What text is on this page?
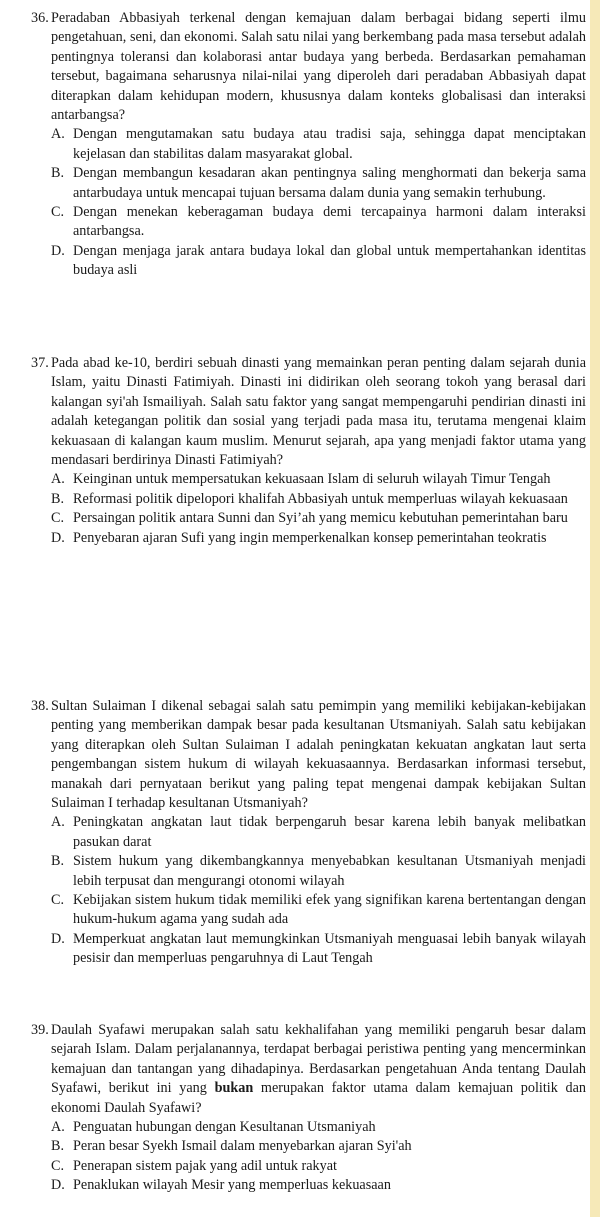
36. Peradaban Abbasiyah terkenal dengan kemajuan dalam berbagai bidang seperti ilmu pengetahuan, seni, dan ekonomi. Salah satu nilai yang berkembang pada masa tersebut adalah pentingnya toleransi dan kolaborasi antar budaya yang berbeda. Berdasarkan pemahaman tersebut, bagaimana seharusnya nilai-nilai yang diperoleh dari peradaban Abbasiyah dapat diterapkan dalam kehidupan modern, khususnya dalam konteks globalisasi dan interaksi antarbangsa?

A. Dengan mengutamakan satu budaya atau tradisi saja, sehingga dapat menciptakan kejelasan dan stabilitas dalam masyarakat global.
B. Dengan membangun kesadaran akan pentingnya saling menghormati dan bekerja sama antarbudaya untuk mencapai tujuan bersama dalam dunia yang semakin terhubung.
C. Dengan menekan keberagaman budaya demi tercapainya harmoni dalam interaksi antarbangsa.
D. Dengan menjaga jarak antara budaya lokal dan global untuk mempertahankan identitas budaya asli
37. Pada abad ke-10, berdiri sebuah dinasti yang memainkan peran penting dalam sejarah dunia Islam, yaitu Dinasti Fatimiyah. Dinasti ini didirikan oleh seorang tokoh yang berasal dari kalangan syi'ah Ismailiyah. Salah satu faktor yang sangat mempengaruhi pendirian dinasti ini adalah ketegangan politik dan sosial yang terjadi pada masa itu, terutama mengenai klaim kekuasaan di kalangan kaum muslim. Menurut sejarah, apa yang menjadi faktor utama yang mendasari berdirinya Dinasti Fatimiyah?

A. Keinginan untuk mempersatukan kekuasaan Islam di seluruh wilayah Timur Tengah
B. Reformasi politik dipelopori khalifah Abbasiyah untuk memperluas wilayah kekuasaan
C. Persaingan politik antara Sunni dan Syi’ah yang memicu kebutuhan pemerintahan baru
D. Penyebaran ajaran Sufi yang ingin memperkenalkan konsep pemerintahan teokratis
38. Sultan Sulaiman I dikenal sebagai salah satu pemimpin yang memiliki kebijakan-kebijakan penting yang memberikan dampak besar pada kesultanan Utsmaniyah. Salah satu kebijakan yang diterapkan oleh Sultan Sulaiman I adalah peningkatan kekuatan angkatan laut serta pengembangan sistem hukum di wilayah kekuasaannya. Berdasarkan informasi tersebut, manakah dari pernyataan berikut yang paling tepat mengenai dampak kebijakan Sultan Sulaiman I terhadap kesultanan Utsmaniyah?

A. Peningkatan angkatan laut tidak berpengaruh besar karena lebih banyak melibatkan pasukan darat
B. Sistem hukum yang dikembangkannya menyebabkan kesultanan Utsmaniyah menjadi lebih terpusat dan mengurangi otonomi wilayah
C. Kebijakan sistem hukum tidak memiliki efek yang signifikan karena bertentangan dengan hukum-hukum agama yang sudah ada
D. Memperkuat angkatan laut memungkinkan Utsmaniyah menguasai lebih banyak wilayah pesisir dan memperluas pengaruhnya di Laut Tengah
39. Daulah Syafawi merupakan salah satu kekhalifahan yang memiliki pengaruh besar dalam sejarah Islam. Dalam perjalanannya, terdapat berbagai peristiwa penting yang mencerminkan kemajuan dan tantangan yang dihadapinya. Berdasarkan pengetahuan Anda tentang Daulah Syafawi, berikut ini yang bukan merupakan faktor utama dalam kemajuan politik dan ekonomi Daulah Syafawi?

A. Penguatan hubungan dengan Kesultanan Utsmaniyah
B. Peran besar Syekh Ismail dalam menyebarkan ajaran Syi'ah
C. Penerapan sistem pajak yang adil untuk rakyat
D. Penaklukan wilayah Mesir yang memperluas kekuasaan
